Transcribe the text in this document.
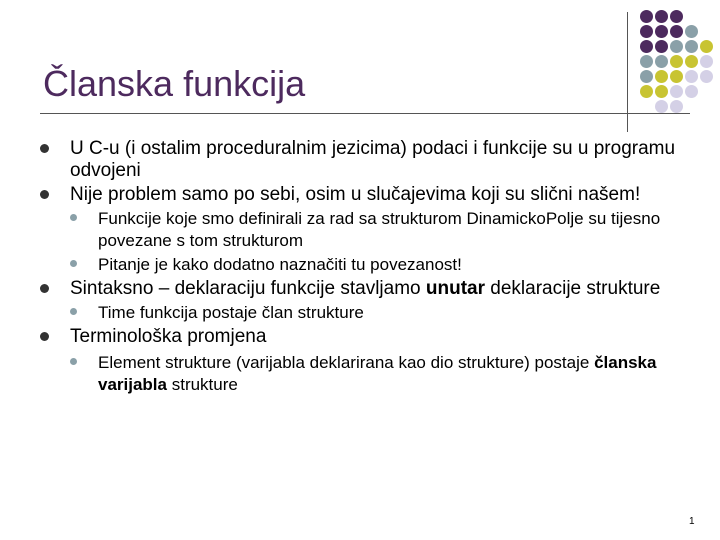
Članska funkcija
U C-u (i ostalim proceduralnim jezicima) podaci i funkcije su u programu odvojeni
Nije problem samo po sebi, osim u slučajevima koji su slični našem!
Funkcije koje smo definirali za rad sa strukturom DinamickoPolje su tijesno povezane s tom strukturom
Pitanje je kako dodatno naznačiti tu povezanost!
Sintaksno – deklaraciju funkcije stavljamo unutar deklaracije strukture
Time funkcija postaje član strukture
Terminološka promjena
Element strukture (varijabla deklarirana kao dio strukture) postaje članska varijabla strukture
1
